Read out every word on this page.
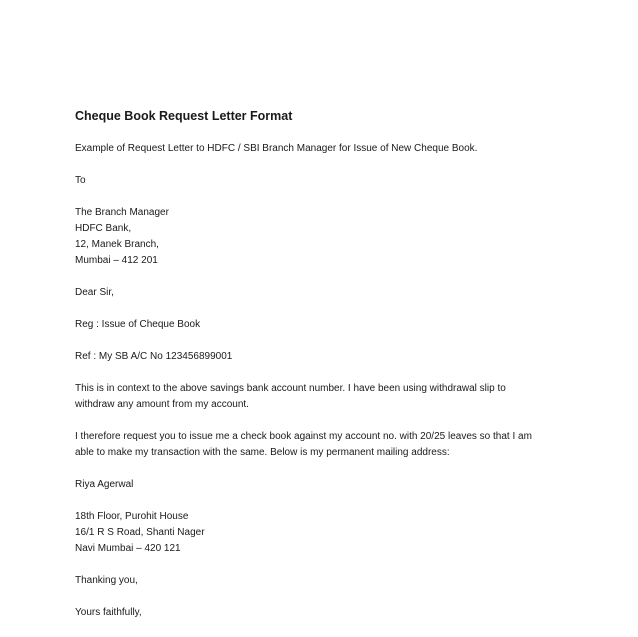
Cheque Book Request Letter Format
Example of Request Letter to HDFC / SBI Branch Manager for Issue of New Cheque Book.
To
The Branch Manager
HDFC Bank,
12, Manek Branch,
Mumbai – 412 201
Dear Sir,
Reg : Issue of Cheque Book
Ref : My SB A/C No 123456899001
This is in context to the above savings bank account number. I have been using withdrawal slip to
withdraw any amount from my account.
I therefore request you to issue me a check book against my account no. with 20/25 leaves so that I am
able to make my transaction with the same. Below is my permanent mailing address:
Riya Agerwal
18th Floor, Purohit House
16/1 R S Road, Shanti Nager
Navi Mumbai – 420 121
Thanking you,
Yours faithfully,
